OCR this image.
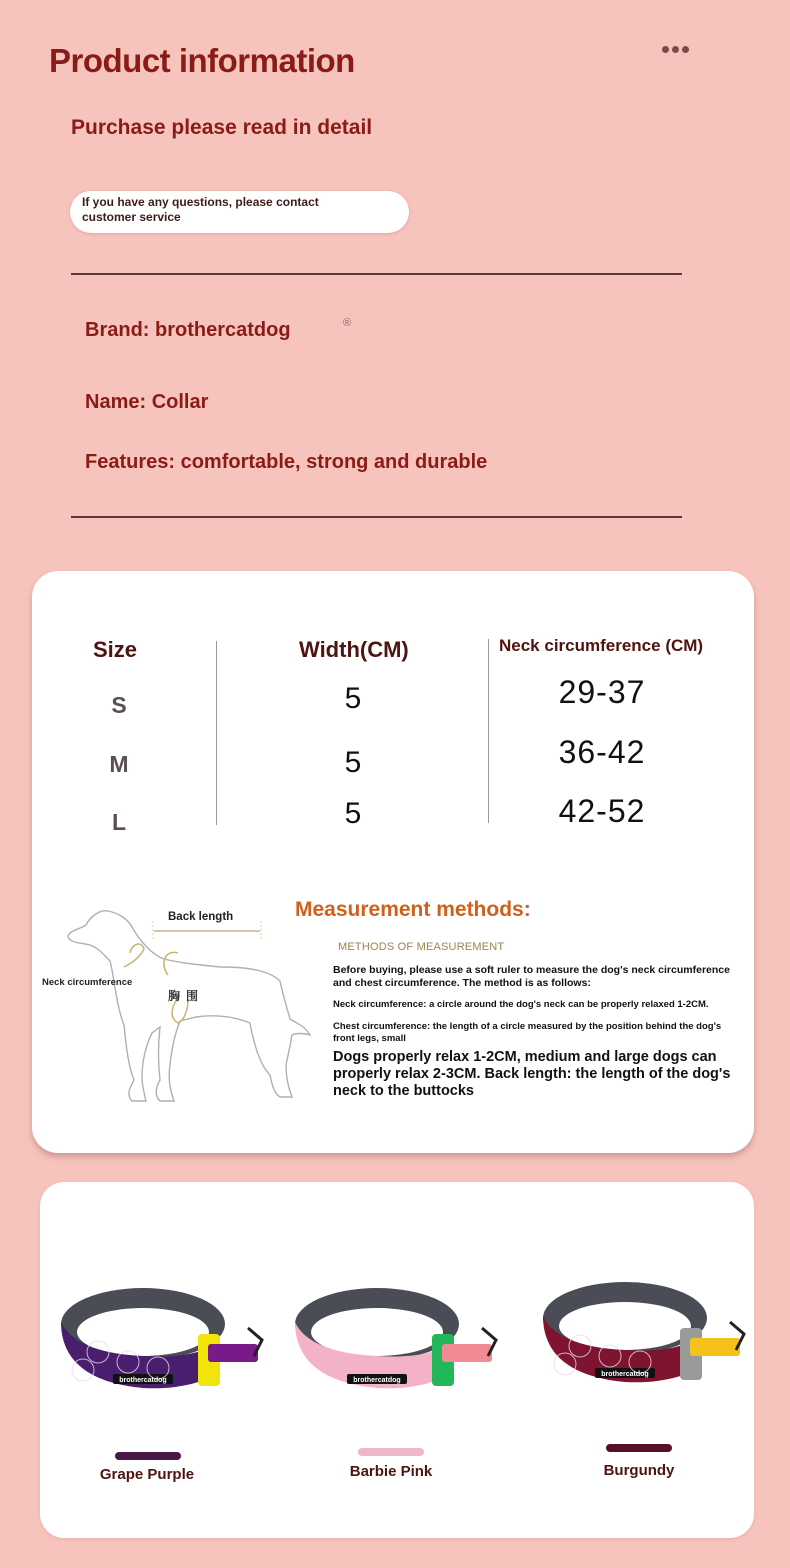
Product information
Purchase please read in detail
If you have any questions, please contact customer service
Brand: brothercatdog	®
Name: Collar
Features: comfortable, strong and durable
Size	Width(CM)	Neck circumference (CM)
S	5	29-37
M	5	36-42
L	5	42-52
Back length
Neck circumference
胸围
Measurement methods:
METHODS OF MEASUREMENT
Before buying, please use a soft ruler to measure the dog's neck circumference and chest circumference. The method is as follows:
Neck circumference: a circle around the dog's neck can be properly relaxed 1-2CM.
Chest circumference: the length of a circle measured by the position behind the dog's front legs, small
Dogs properly relax 1-2CM, medium and large dogs can properly relax 2-3CM. Back length: the length of the dog's neck to the buttocks
brothercatdog
Grape Purple
brothercatdog
Barbie Pink
brothercatdog
Burgundy
